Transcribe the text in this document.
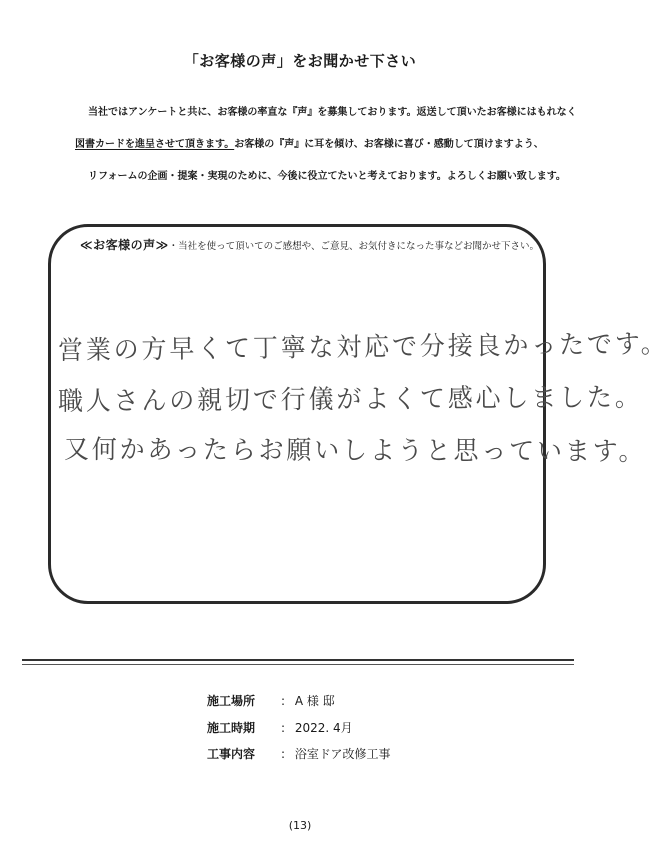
「お客様の声」をお聞かせ下さい
当社ではアンケートと共に、お客様の率直な『声』を募集しております。返送して頂いたお客様にはもれなく
図書カードを進呈させて頂きます。お客様の『声』に耳を傾け、お客様に喜び・感動して頂けますよう、
リフォームの企画・提案・実現のために、今後に役立てたいと考えております。よろしくお願い致します。
≪お客様の声≫・当社を使って頂いてのご感想や、ご意見、お気付きになった事などお聞かせ下さい。
営業の方早くて丁寧な対応で分接良かったです。
職人さんの親切で行儀がよくて感心しました。
又何かあったらお願いしようと思っています。
施工場所 : A 様 邸
施工時期 : 2022. 4月
工事内容 : 浴室ドア改修工事
(13)
